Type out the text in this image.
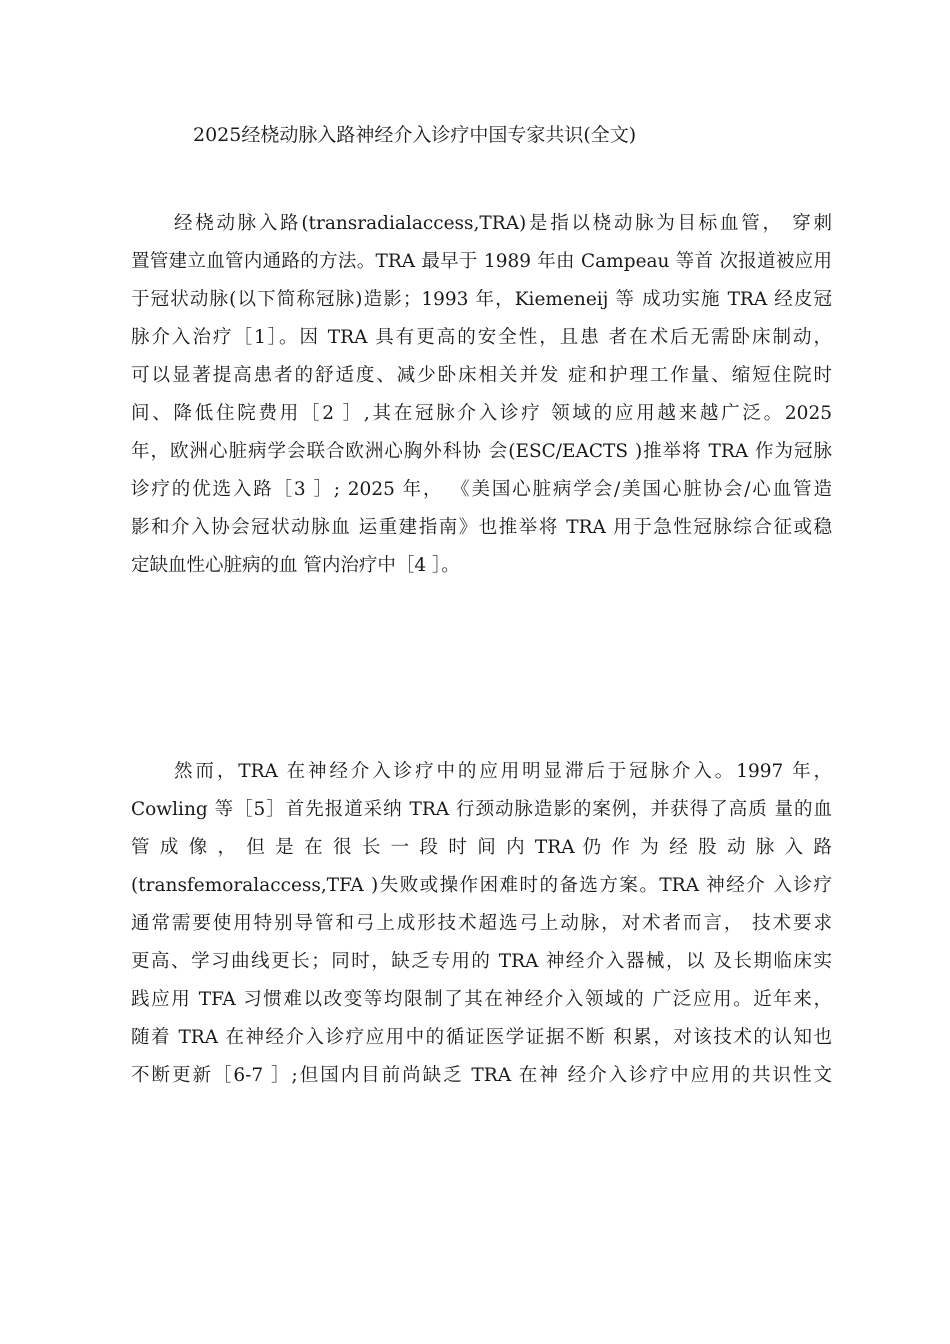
2025经桡动脉入路神经介入诊疗中国专家共识(全文)
经桡动脉入路(transradialaccess,TRA)是指以桡动脉为目标血管， 穿刺
置管建立血管内通路的方法。TRA 最早于 1989 年由 Campeau 等首 次报道被应用
于冠状动脉(以下简称冠脉)造影；1993 年，Kiemeneij 等 成功实施 TRA 经皮冠
脉介入治疗［1］。因 TRA 具有更高的安全性，且患 者在术后无需卧床制动，
可以显著提高患者的舒适度、减少卧床相关并发 症和护理工作量、缩短住院时
间、降低住院费用［2 ］,其在冠脉介入诊疗 领域的应用越来越广泛。2025
年，欧洲心脏病学会联合欧洲心胸外科协 会(ESC/EACTS )推举将 TRA 作为冠脉
诊疗的优选入路［3 ］; 2025 年， 《美国心脏病学会/美国心脏协会/心血管造
影和介入协会冠状动脉血 运重建指南》也推举将 TRA 用于急性冠脉综合征或稳
定缺血性心脏病的血 管内治疗中［4 ］。
然而，TRA 在神经介入诊疗中的应用明显滞后于冠脉介入。1997 年，
Cowling 等［5］首先报道采纳 TRA 行颈动脉造影的案例，并获得了高质 量的血
管 成 像 ， 但 是 在 很 长 一 段 时 间 内 TRA 仍 作 为 经 股 动 脉 入 路
(transfemoralaccess,TFA )失败或操作困难时的备选方案。TRA 神经介 入诊疗
通常需要使用特别导管和弓上成形技术超选弓上动脉，对术者而言， 技术要求
更高、学习曲线更长；同时，缺乏专用的 TRA 神经介入器械，以 及长期临床实
践应用 TFA 习惯难以改变等均限制了其在神经介入领域的 广泛应用。近年来，
随着 TRA 在神经介入诊疗应用中的循证医学证据不断 积累，对该技术的认知也
不断更新［6-7 ］;但国内目前尚缺乏 TRA 在神 经介入诊疗中应用的共识性文
